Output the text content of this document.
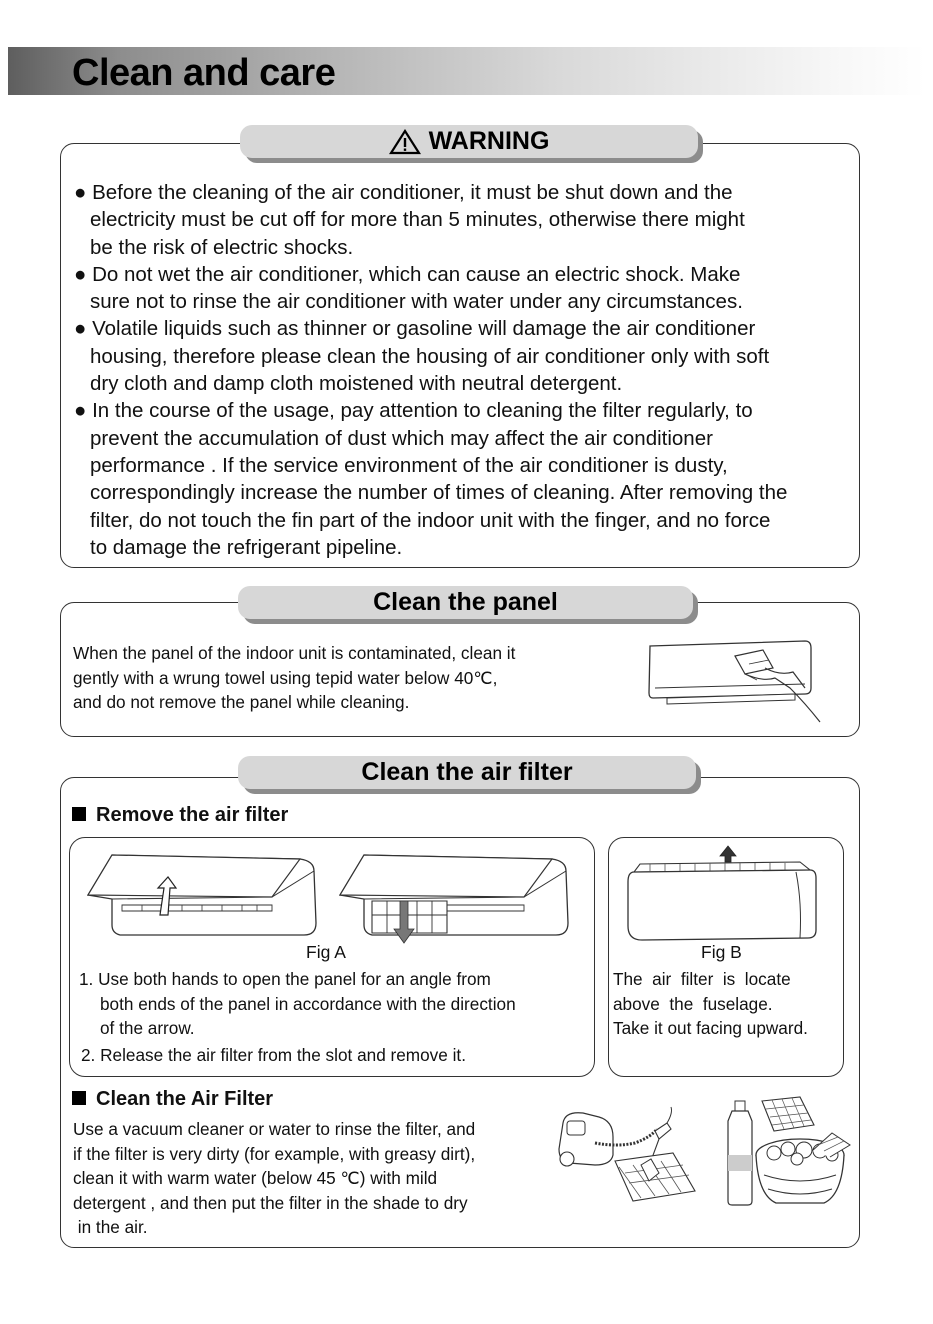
Clean and care
WARNING
● Before the cleaning of the air conditioner, it must be shut down and the
electricity must be cut off for more than 5 minutes, otherwise there might
be the risk of electric shocks.
● Do not wet the air conditioner, which can cause an electric shock. Make
sure not to rinse the air conditioner with water under any circumstances.
● Volatile liquids such as thinner or gasoline will damage the air conditioner
housing, therefore please clean the housing of air conditioner only with soft
dry cloth and damp cloth moistened with neutral detergent.
● In the course of the usage, pay attention to cleaning the filter regularly, to
prevent the accumulation of dust which may affect the air conditioner
performance . If the service environment of the air conditioner is dusty,
correspondingly increase the number of times of cleaning. After removing the
filter, do not touch the fin part of the indoor unit with the finger, and no force
to damage the refrigerant pipeline.
Clean the panel
When the panel of the indoor unit is contaminated, clean it
gently with a wrung towel using tepid water below 40℃,
and do not remove the panel while cleaning.
Clean the air filter
Remove the air filter
Fig A
1. Use both hands to open the panel for an angle from
both ends of the panel in accordance with the direction
of the arrow.
2. Release the air filter from the slot and remove it.
Fig B
The  air  filter  is  locate
above  the  fuselage.
Take it out facing upward.
Clean the Air Filter
Use a vacuum cleaner or water to rinse the filter, and
if the filter is very dirty (for example, with greasy dirt),
clean it with warm water (below 45 ℃) with mild
detergent , and then put the filter in the shade to dry
in the air.
